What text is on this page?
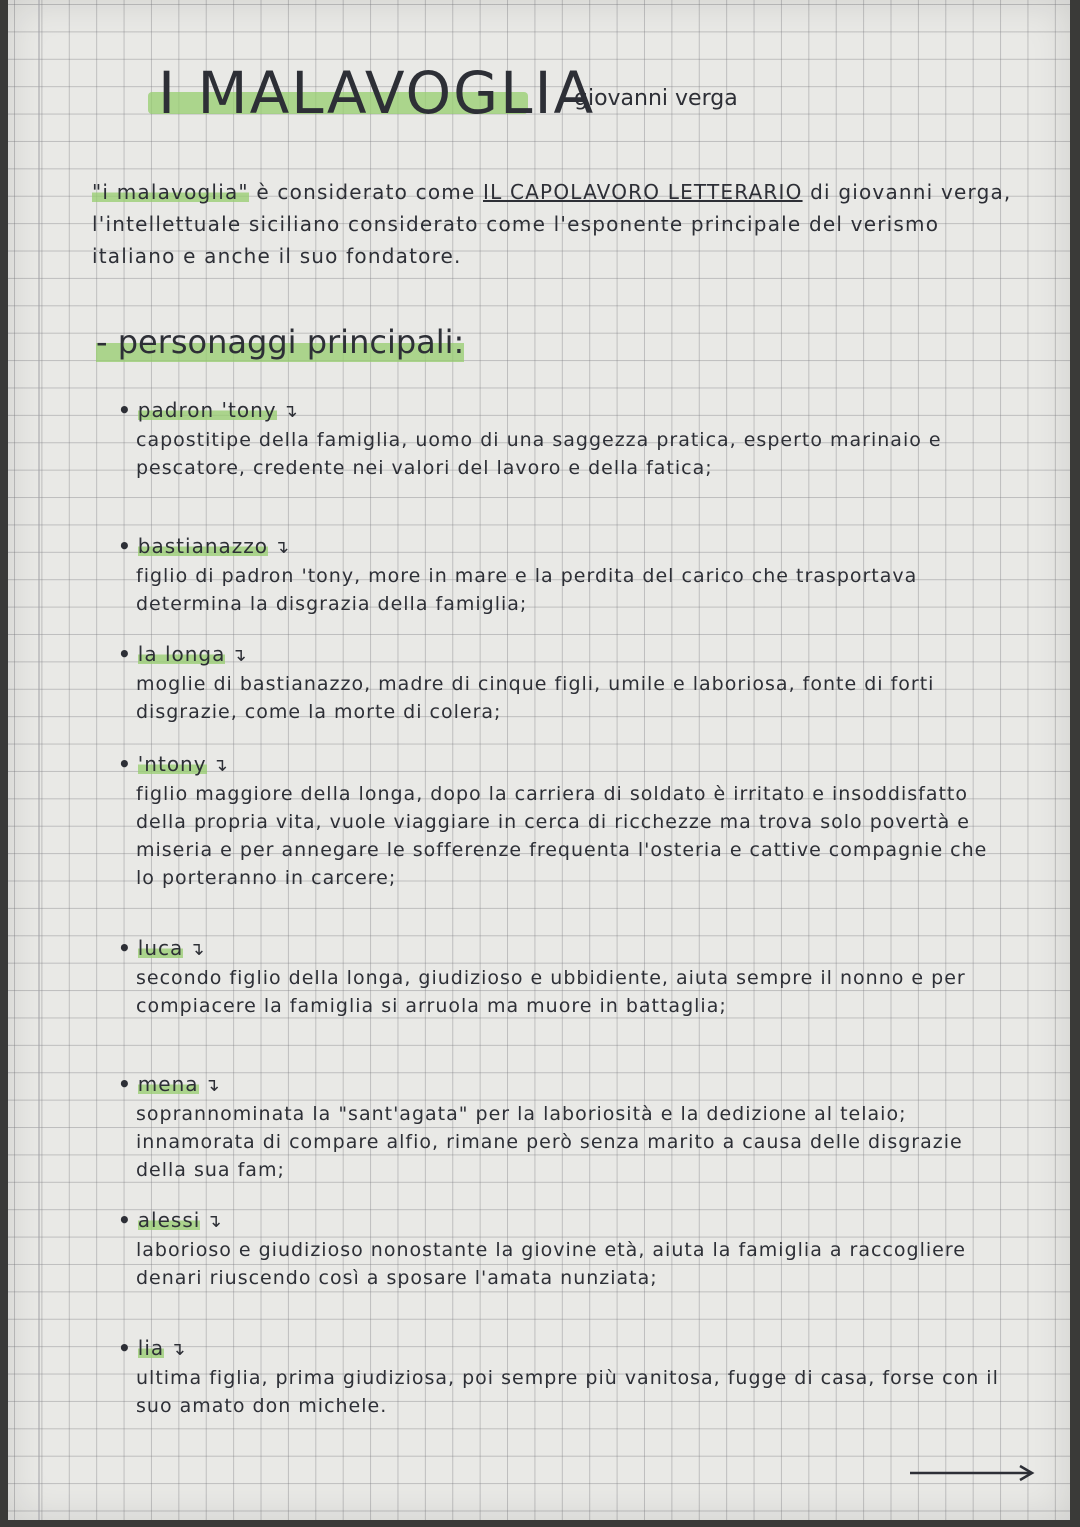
I MALAVOGLIA
giovanni verga
"i malavoglia" è considerato come IL CAPOLAVORO LETTERARIO di giovanni verga, l'intellettuale siciliano considerato come l'esponente principale del verismo italiano e anche il suo fondatore.
- personaggi principali:
• padron 'tony ↴
capostitipe della famiglia, uomo di una saggezza pratica, esperto marinaio e pescatore, credente nei valori del lavoro e della fatica;
• bastianazzo ↴
figlio di padron 'tony, more in mare e la perdita del carico che trasportava determina la disgrazia della famiglia;
• la longa ↴
moglie di bastianazzo, madre di cinque figli, umile e laboriosa, fonte di forti disgrazie, come la morte di colera;
• 'ntony ↴
figlio maggiore della longa, dopo la carriera di soldato è irritato e insoddisfatto della propria vita, vuole viaggiare in cerca di ricchezze ma trova solo povertà e miseria e per annegare le sofferenze frequenta l'osteria e cattive compagnie che lo porteranno in carcere;
• luca ↴
secondo figlio della longa, giudizioso e ubbidiente, aiuta sempre il nonno e per compiacere la famiglia si arruola ma muore in battaglia;
• mena ↴
soprannominata la "sant'agata" per la laboriosità e la dedizione al telaio; innamorata di compare alfio, rimane però senza marito a causa delle disgrazie della sua fam;
• alessi ↴
laborioso e giudizioso nonostante la giovine età, aiuta la famiglia a raccogliere denari riuscendo così a sposare l'amata nunziata;
• lia ↴
ultima figlia, prima giudiziosa, poi sempre più vanitosa, fugge di casa, forse con il suo amato don michele.
